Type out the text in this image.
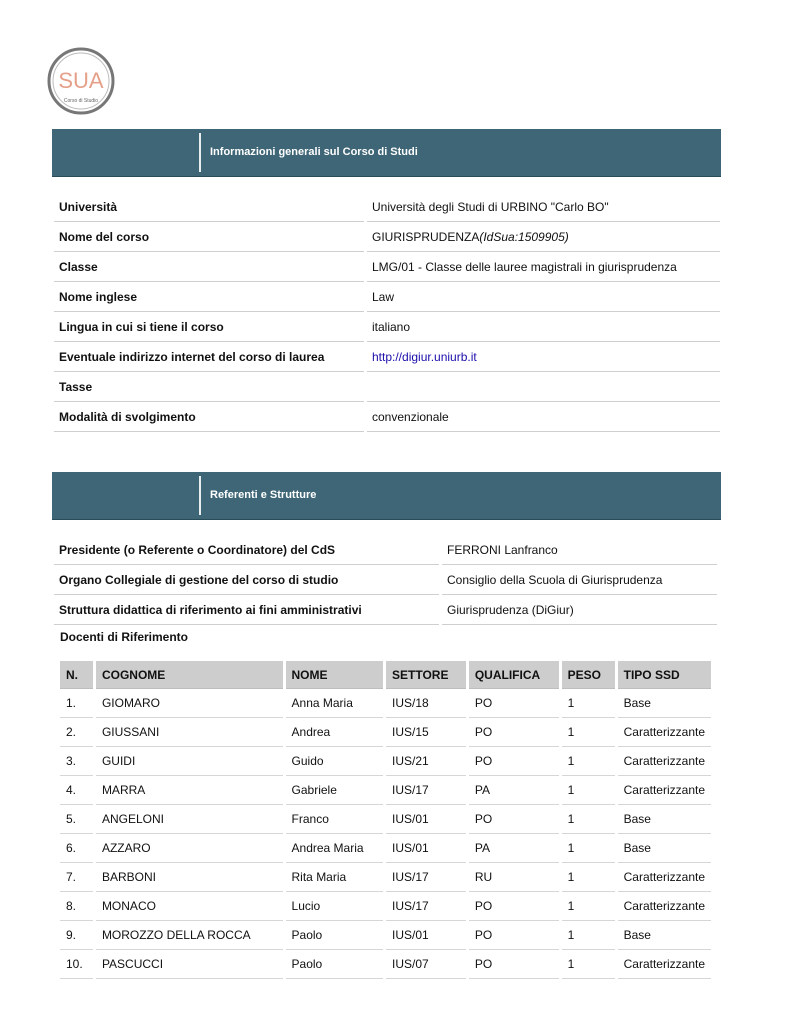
SUA
Corso di Studio
Informazioni generali sul Corso di Studi
Università	Università degli Studi di URBINO "Carlo BO"
Nome del corso	GIURISPRUDENZA(IdSua:1509905)
Classe	LMG/01 - Classe delle lauree magistrali in giurisprudenza
Nome inglese	Law
Lingua in cui si tiene il corso	italiano
Eventuale indirizzo internet del corso di laurea	http://digiur.uniurb.it
Tasse	
Modalità di svolgimento	convenzionale
Referenti e Strutture
Presidente (o Referente o Coordinatore) del CdS	FERRONI Lanfranco
Organo Collegiale di gestione del corso di studio	Consiglio della Scuola di Giurisprudenza
Struttura didattica di riferimento ai fini amministrativi	Giurisprudenza (DiGiur)
Docenti di Riferimento
N.	COGNOME	NOME	SETTORE	QUALIFICA	PESO	TIPO SSD
1.	GIOMARO	Anna Maria	IUS/18	PO	1	Base
2.	GIUSSANI	Andrea	IUS/15	PO	1	Caratterizzante
3.	GUIDI	Guido	IUS/21	PO	1	Caratterizzante
4.	MARRA	Gabriele	IUS/17	PA	1	Caratterizzante
5.	ANGELONI	Franco	IUS/01	PO	1	Base
6.	AZZARO	Andrea Maria	IUS/01	PA	1	Base
7.	BARBONI	Rita Maria	IUS/17	RU	1	Caratterizzante
8.	MONACO	Lucio	IUS/17	PO	1	Caratterizzante
9.	MOROZZO DELLA ROCCA	Paolo	IUS/01	PO	1	Base
10.	PASCUCCI	Paolo	IUS/07	PO	1	Caratterizzante
